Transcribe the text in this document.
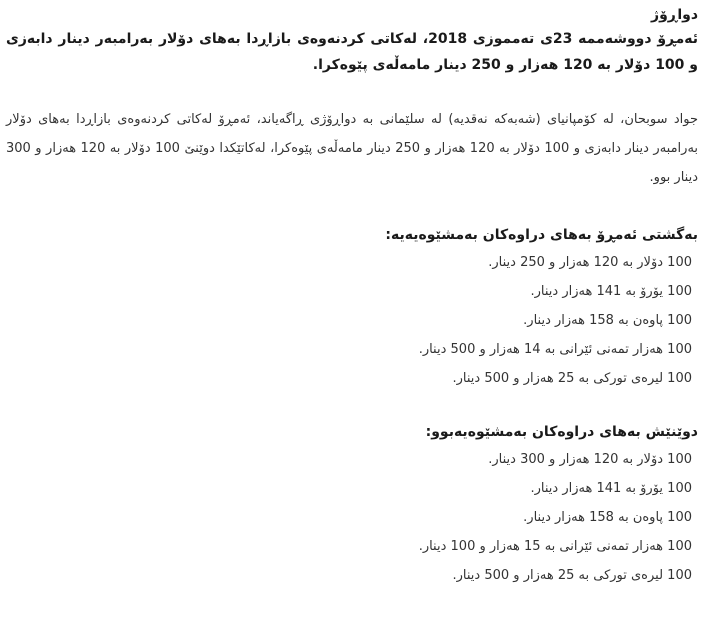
دواڕۆژ

ئەمڕۆ دووشەممە 23ی تەمموزی 2018، لەکاتی کردنەوەی بازاڕدا بەهای دۆلار بەرامبەر دینار دابەزی و 100 دۆلار بە 120 هەزار و 250 دینار مامەڵەی پێوەکرا.

جواد سوبحان، لە کۆمپانیای (شەبەکە نەقدیە) لە سلێمانی بە دواڕۆژی ڕاگەیاند، ئەمڕۆ لەکاتی کردنەوەی بازاڕدا بەهای دۆلار بەرامبەر دینار دابەزی و 100 دۆلار بە 120 هەزار و 250 دینار مامەڵەی پێوەکرا، لەکاتێکدا دوێنێ 100 دۆلار بە 120 هەزار و 300 دینار بوو.

بەگشتی ئەمڕۆ بەهای دراوەکان بەمشێوەیەیە:
100 دۆلار بە 120 هەزار و 250 دینار.
100 یۆرۆ بە 141 هەزار دینار.
100 پاوەن بە 158 هەزار دینار.
100 هەزار تمەنی ئێرانی بە 14 هەزار و 500 دینار.
100 لیرەی تورکی بە 25 هەزار و 500 دینار.
دوێنێش بەهای دراوەکان بەمشێوەیەبوو:
100 دۆلار بە 120 هەزار و 300 دینار.
100 یۆرۆ بە 141 هەزار دینار.
100 پاوەن بە 158 هەزار دینار.
100 هەزار تمەنی ئێرانی بە 15 هەزار و 100 دینار.
100 لیرەی تورکی بە 25 هەزار و 500 دینار.
